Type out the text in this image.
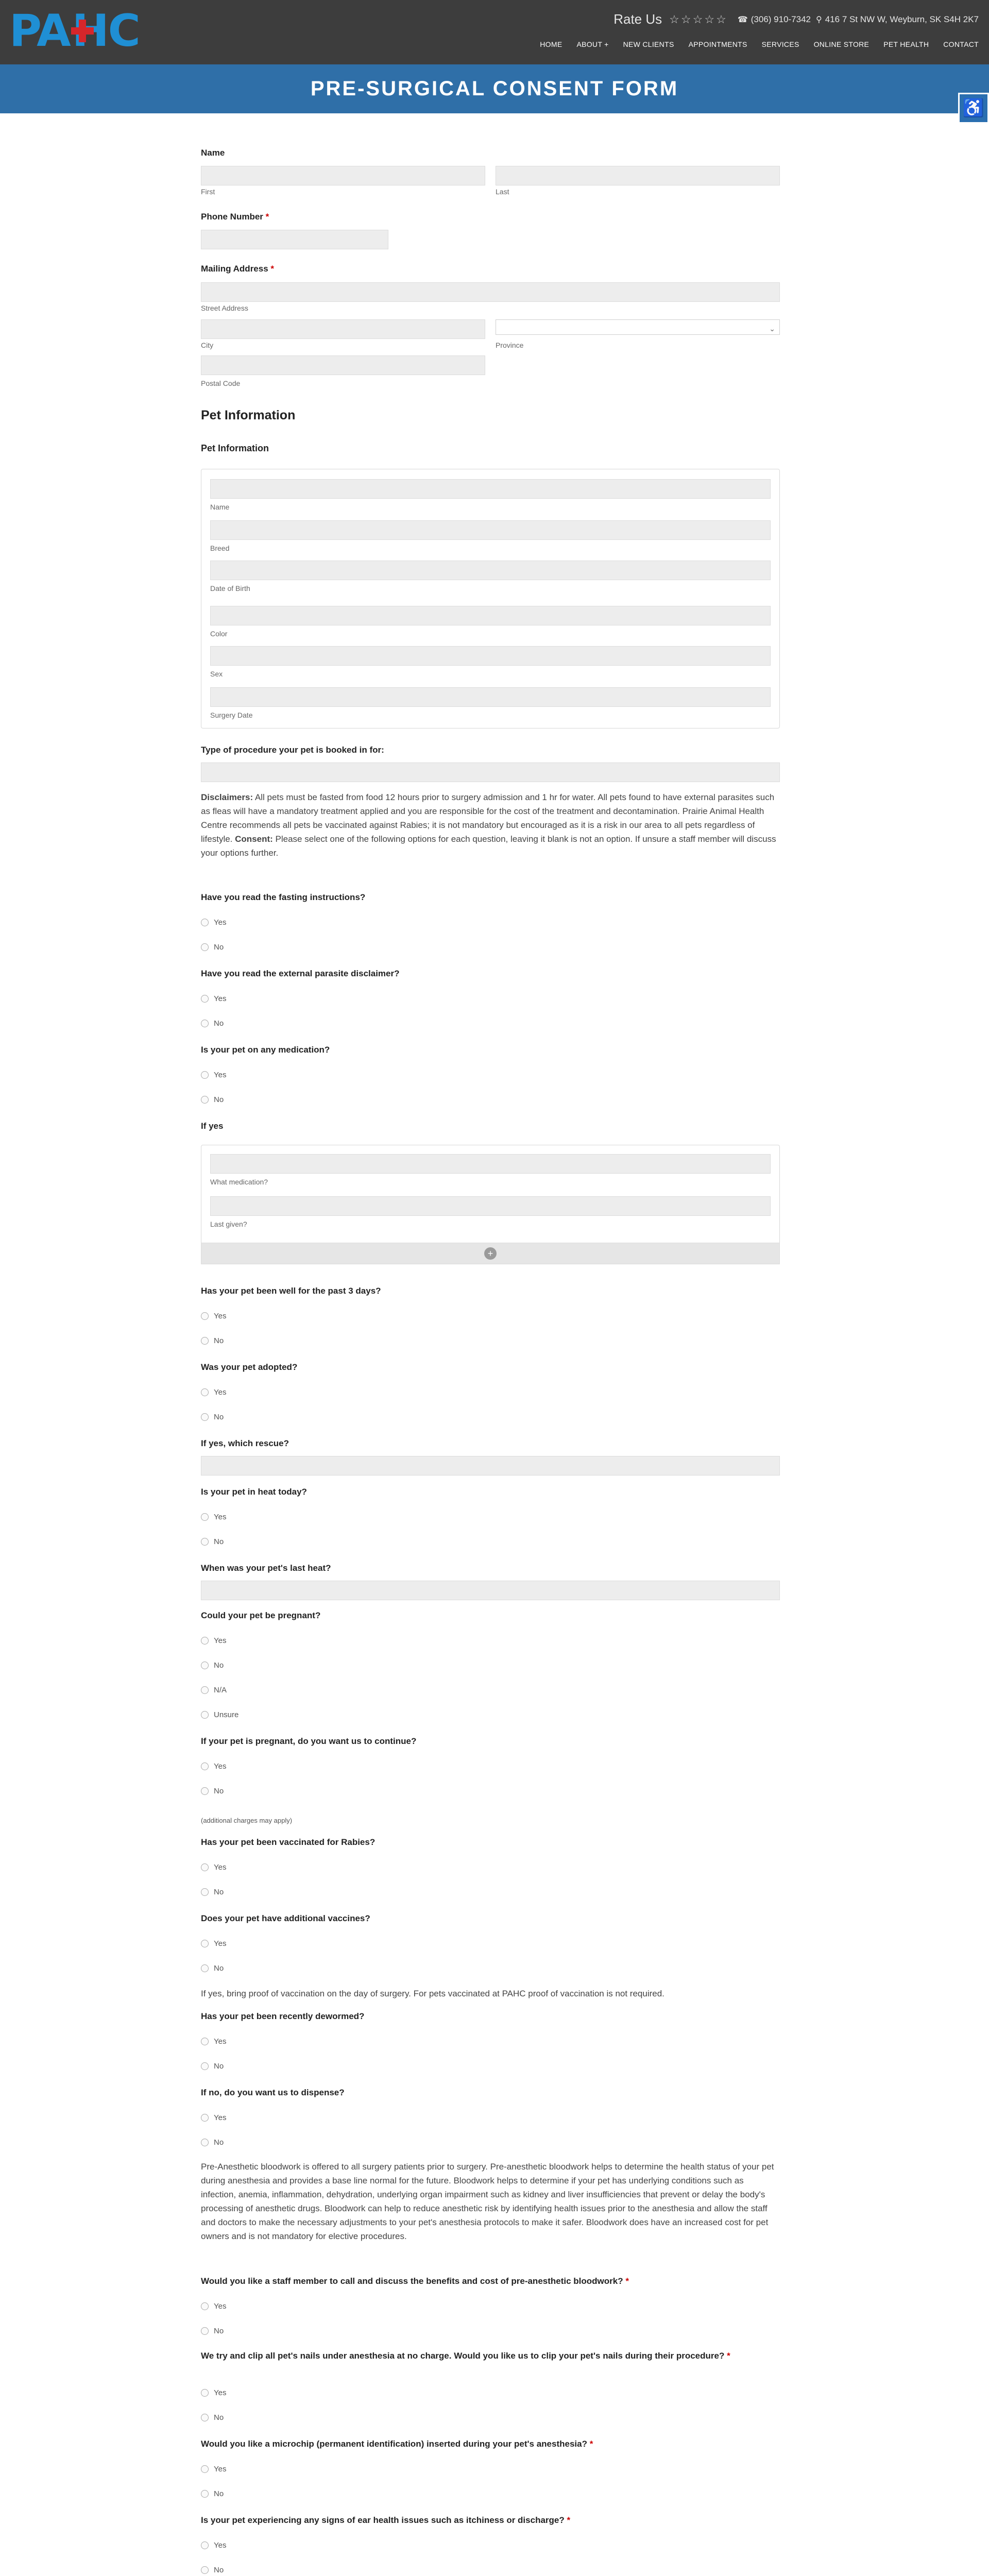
PA HC	Rate Us ☆ ☆ ☆ ☆ ☆ ☎ (306) 910-7342 ⚲ 416 7 St NW W, Weyburn, SK S4H 2K7
HOME ABOUT + NEW CLIENTS APPOINTMENTS SERVICES ONLINE STORE PET HEALTH CONTACT
PRE-SURGICAL CONSENT FORM
♿
Name
First	Last
Phone Number *
Mailing Address *
Street Address
⌄
City	Province
Postal Code
Pet Information
Pet Information
Name
Breed
Date of Birth
Color
Sex
Surgery Date
Type of procedure your pet is booked in for:
Disclaimers: All pets must be fasted from food 12 hours prior to surgery admission and 1 hr for water. All pets found to have external parasites such as fleas will have a mandatory treatment applied and you are responsible for the cost of the treatment and decontamination. Prairie Animal Health Centre recommends all pets be vaccinated against Rabies; it is not mandatory but encouraged as it is a risk in our area to all pets regardless of lifestyle. Consent: Please select one of the following options for each question, leaving it blank is not an option. If unsure a staff member will discuss your options further.
Have you read the fasting instructions?
Yes
No
Have you read the external parasite disclaimer?
Yes
No
Is your pet on any medication?
Yes
No
If yes
What medication?
Last given?
+
Has your pet been well for the past 3 days?
Yes
No
Was your pet adopted?
Yes
No
If yes, which rescue?
Is your pet in heat today?
Yes
No
When was your pet's last heat?
Could your pet be pregnant?
Yes
No
N/A
Unsure
If your pet is pregnant, do you want us to continue?
Yes
No
(additional charges may apply)
Has your pet been vaccinated for Rabies?
Yes
No
Does your pet have additional vaccines?
Yes
No
If yes, bring proof of vaccination on the day of surgery. For pets vaccinated at PAHC proof of vaccination is not required.
Has your pet been recently dewormed?
Yes
No
If no, do you want us to dispense?
Yes
No
Pre-Anesthetic bloodwork is offered to all surgery patients prior to surgery. Pre-anesthetic bloodwork helps to determine the health status of your pet during anesthesia and provides a base line normal for the future. Bloodwork helps to determine if your pet has underlying conditions such as infection, anemia, inflammation, dehydration, underlying organ impairment such as kidney and liver insufficiencies that prevent or delay the body's processing of anesthetic drugs. Bloodwork can help to reduce anesthetic risk by identifying health issues prior to the anesthesia and allow the staff and doctors to make the necessary adjustments to your pet's anesthesia protocols to make it safer. Bloodwork does have an increased cost for pet owners and is not mandatory for elective procedures.
Would you like a staff member to call and discuss the benefits and cost of pre-anesthetic bloodwork? *
Yes
No
We try and clip all pet's nails under anesthesia at no charge. Would you like us to clip your pet's nails during their procedure? *
Yes
No
Would you like a microchip (permanent identification) inserted during your pet's anesthesia? *
Yes
No
Is your pet experiencing any signs of ear health issues such as itchiness or discharge? *
Yes
No
